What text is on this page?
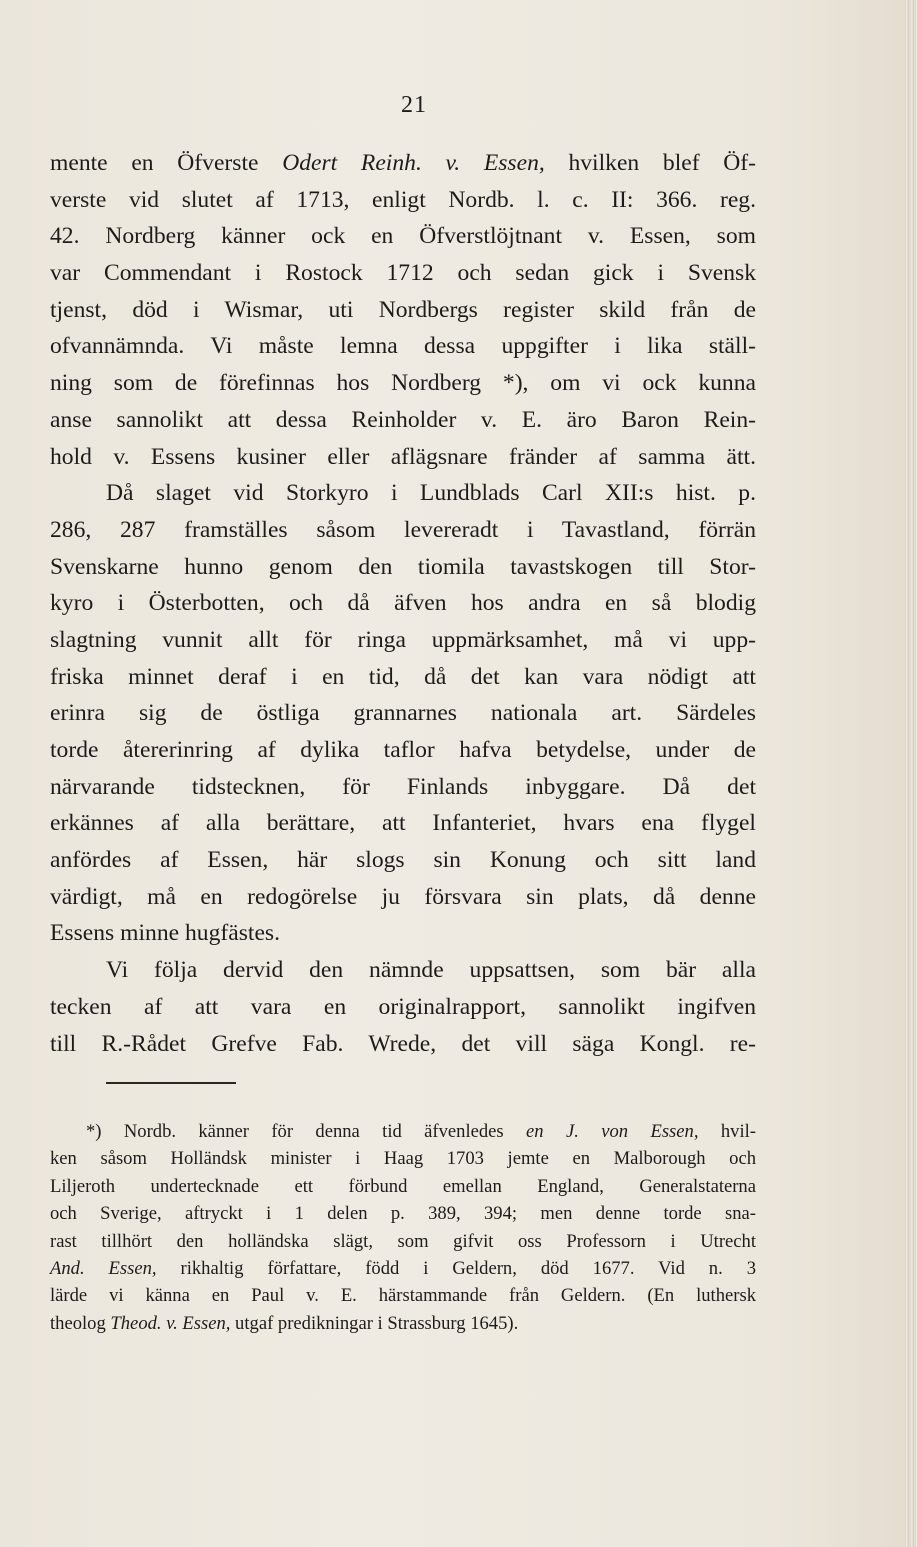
21
mente en Öfverste Odert Reinh. v. Essen, hvilken blef Öf-
verste vid slutet af 1713, enligt Nordb. l. c. II: 366. reg.
42. Nordberg känner ock en Öfverstlöjtnant v. Essen, som
var Commendant i Rostock 1712 och sedan gick i Svensk
tjenst, död i Wismar, uti Nordbergs register skild från de
ofvannämnda. Vi måste lemna dessa uppgifter i lika ställ-
ning som de förefinnas hos Nordberg *), om vi ock kunna
anse sannolikt att dessa Reinholder v. E. äro Baron Rein-
hold v. Essens kusiner eller aflägsnare fränder af samma ätt.
Då slaget vid Storkyro i Lundblads Carl XII:s hist. p.
286, 287 framställes såsom levereradt i Tavastland, förrän
Svenskarne hunno genom den tiomila tavastskogen till Stor-
kyro i Österbotten, och då äfven hos andra en så blodig
slagtning vunnit allt för ringa uppmärksamhet, må vi upp-
friska minnet deraf i en tid, då det kan vara nödigt att
erinra sig de östliga grannarnes nationala art. Särdeles
torde återerinring af dylika taflor hafva betydelse, under de
närvarande tidstecknen, för Finlands inbyggare. Då det
erkännes af alla berättare, att Infanteriet, hvars ena flygel
anfördes af Essen, här slogs sin Konung och sitt land
värdigt, må en redogörelse ju försvara sin plats, då denne
Essens minne hugfästes.
Vi följa dervid den nämnde uppsattsen, som bär alla
tecken af att vara en originalrapport, sannolikt ingifven
till R.-Rådet Grefve Fab. Wrede, det vill säga Kongl. re-
*) Nordb. känner för denna tid äfvenledes en J. von Essen, hvil-
ken såsom Holländsk minister i Haag 1703 jemte en Malborough och
Liljeroth undertecknade ett förbund emellan England, Generalstaterna
och Sverige, aftryckt i 1 delen p. 389, 394; men denne torde sna-
rast tillhört den holländska slägt, som gifvit oss Professorn i Utrecht
And. Essen, rikhaltig författare, född i Geldern, död 1677. Vid n. 3
lärde vi känna en Paul v. E. härstammande från Geldern. (En luthersk
theolog Theod. v. Essen, utgaf predikningar i Strassburg 1645).
